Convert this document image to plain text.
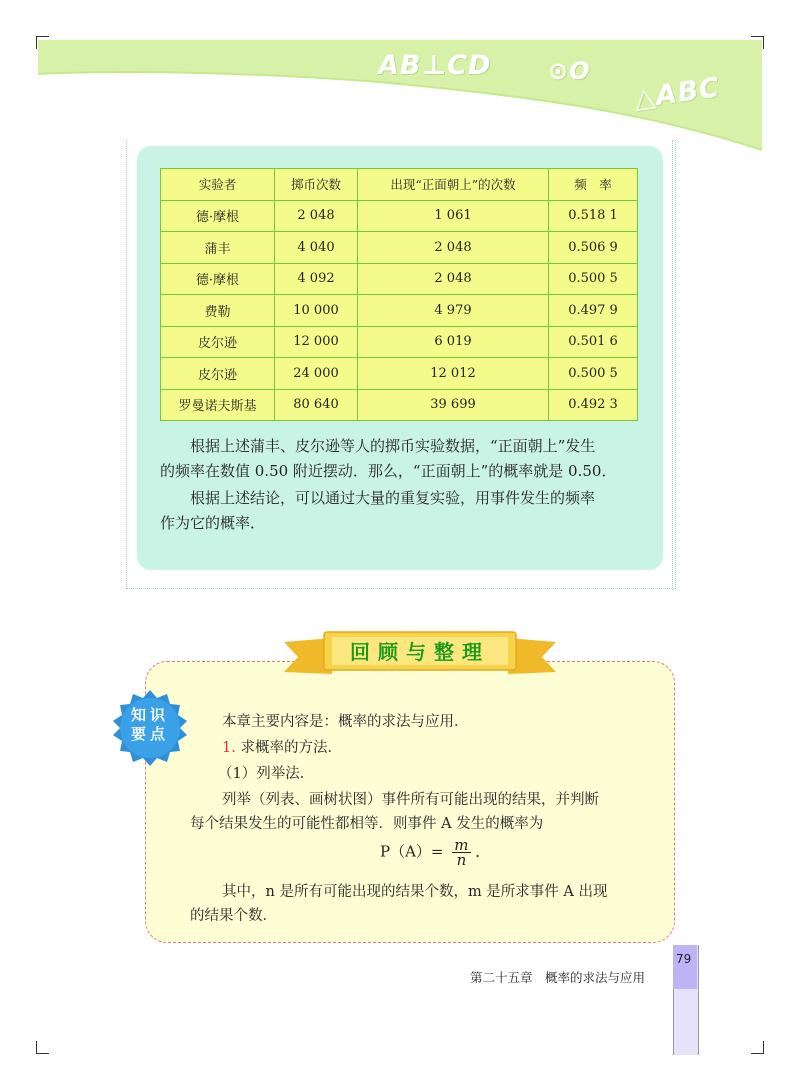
AB⊥CD ⊙O
△ABC
实验者	掷币次数	出现“正面朝上”的次数	频　率
德·摩根	2 048	1 061	0.518 1
蒲丰	4 040	2 048	0.506 9
德·摩根	4 092	2 048	0.500 5
费勒	10 000	4 979	0.497 9
皮尔逊	12 000	6 019	0.501 6
皮尔逊	24 000	12 012	0.500 5
罗曼诺夫斯基	80 640	39 699	0.492 3
根据上述蒲丰、皮尔逊等人的掷币实验数据，“正面朝上”发生
的频率在数值 0.50 附近摆动．那么，“正面朝上”的概率就是 0.50．
根据上述结论，可以通过大量的重复实验，用事件发生的频率
作为它的概率．
回顾与整理
知识
要点
本章主要内容是：概率的求法与应用．
1. 求概率的方法．
（1）列举法．
列举（列表、画树状图）事件所有可能出现的结果，并判断
每个结果发生的可能性都相等．则事件 A 发生的概率为
$P(A)= \frac{m}{n}$ ．
其中，n 是所有可能出现的结果个数，m 是所求事件 A 出现
的结果个数．
79
第二十五章　概率的求法与应用
